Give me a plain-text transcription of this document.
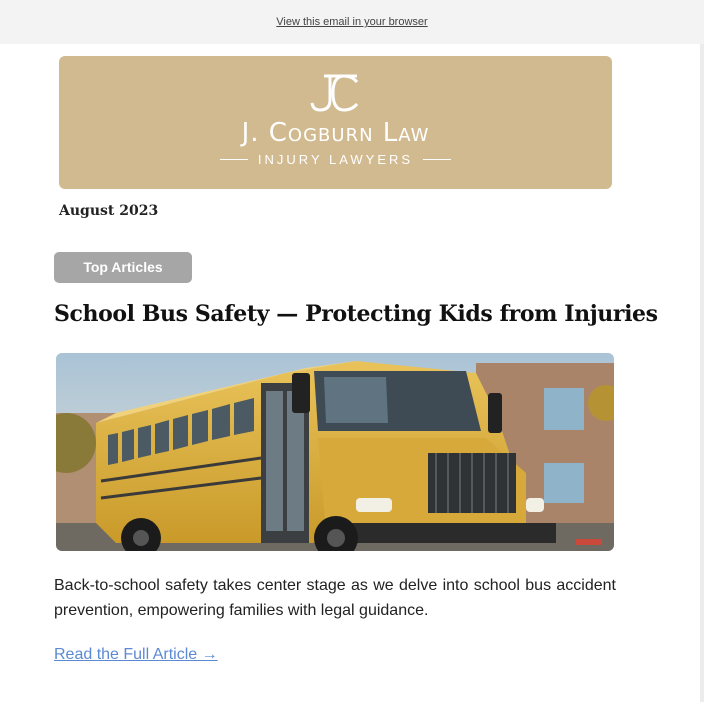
View this email in your browser
J. Cogburn Law
INJURY LAWYERS
August 2023
Top Articles
School Bus Safety — Protecting Kids from Injuries
Back-to-school safety takes center stage as we delve into school bus accident prevention, empowering families with legal guidance.
Read the Full Article →
